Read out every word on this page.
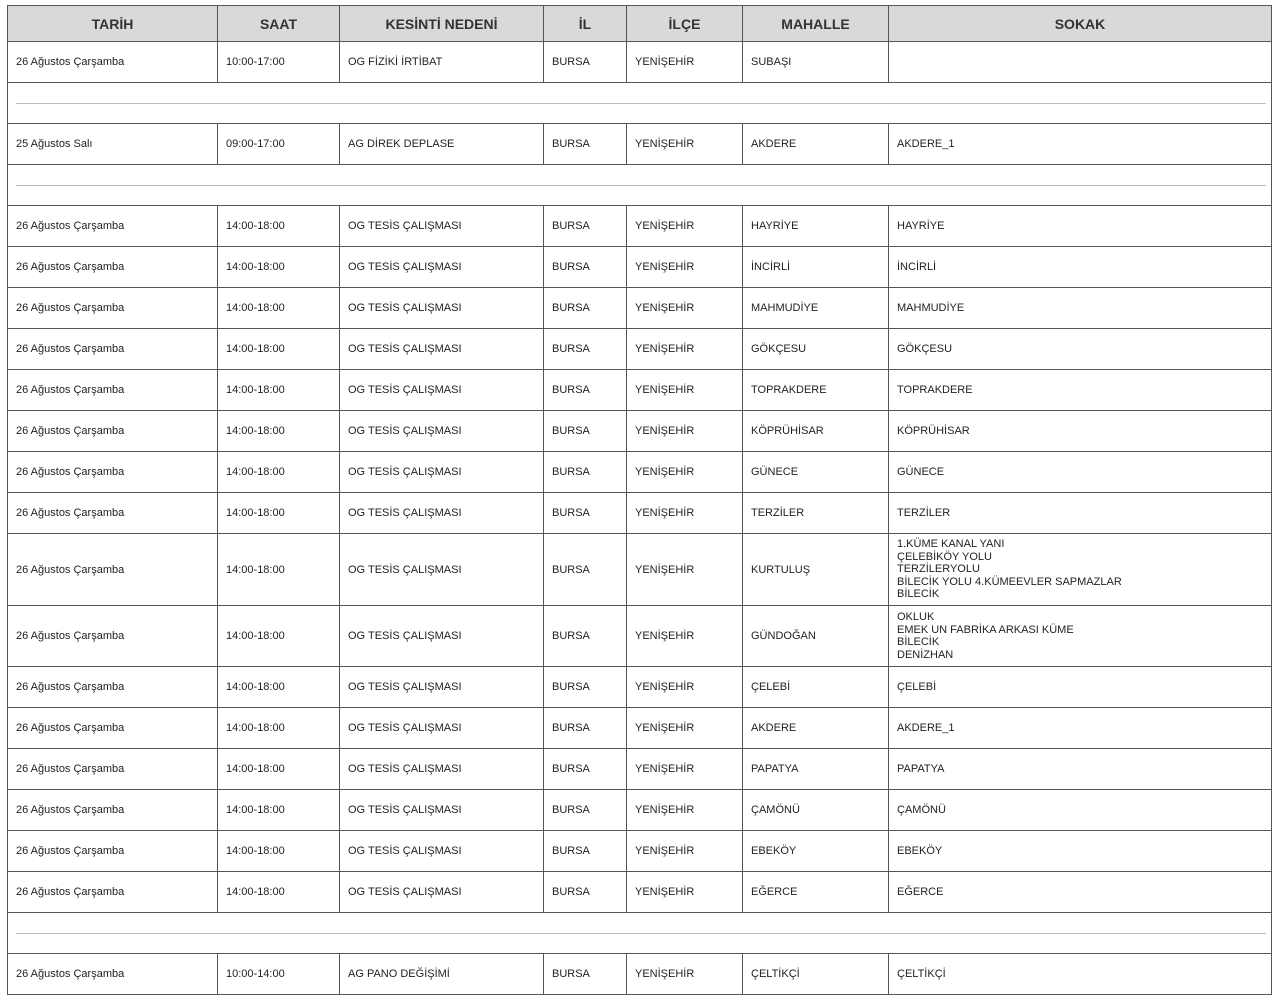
TARİH	SAAT	KESİNTİ NEDENİ	İL	İLÇE	MAHALLE	SOKAK
26 Ağustos Çarşamba	10:00-17:00	OG FİZİKİ İRTİBAT	BURSA	YENİŞEHİR	SUBAŞI	

25 Ağustos Salı	09:00-17:00	AG DİREK DEPLASE	BURSA	YENİŞEHİR	AKDERE	AKDERE_1

26 Ağustos Çarşamba	14:00-18:00	OG TESİS ÇALIŞMASI	BURSA	YENİŞEHİR	HAYRİYE	HAYRİYE

26 Ağustos Çarşamba	14:00-18:00	OG TESİS ÇALIŞMASI	BURSA	YENİŞEHİR	İNCİRLİ	İNCİRLİ

26 Ağustos Çarşamba	14:00-18:00	OG TESİS ÇALIŞMASI	BURSA	YENİŞEHİR	MAHMUDİYE	MAHMUDİYE

26 Ağustos Çarşamba	14:00-18:00	OG TESİS ÇALIŞMASI	BURSA	YENİŞEHİR	GÖKÇESU	GÖKÇESU

26 Ağustos Çarşamba	14:00-18:00	OG TESİS ÇALIŞMASI	BURSA	YENİŞEHİR	TOPRAKDERE	TOPRAKDERE

26 Ağustos Çarşamba	14:00-18:00	OG TESİS ÇALIŞMASI	BURSA	YENİŞEHİR	KÖPRÜHİSAR	KÖPRÜHİSAR

26 Ağustos Çarşamba	14:00-18:00	OG TESİS ÇALIŞMASI	BURSA	YENİŞEHİR	GÜNECE	GÜNECE

26 Ağustos Çarşamba	14:00-18:00	OG TESİS ÇALIŞMASI	BURSA	YENİŞEHİR	TERZİLER	TERZİLER

26 Ağustos Çarşamba	14:00-18:00	OG TESİS ÇALIŞMASI	BURSA	YENİŞEHİR	KURTULUŞ	1.KÜME KANAL YANI
ÇELEBİKÖY YOLU
TERZİLERYOLU
BİLECİK YOLU 4.KÜMEEVLER SAPMAZLAR
BİLECİK

26 Ağustos Çarşamba	14:00-18:00	OG TESİS ÇALIŞMASI	BURSA	YENİŞEHİR	GÜNDOĞAN	OKLUK
EMEK UN FABRİKA ARKASI KÜME
BİLECİK
DENİZHAN

26 Ağustos Çarşamba	14:00-18:00	OG TESİS ÇALIŞMASI	BURSA	YENİŞEHİR	ÇELEBİ	ÇELEBİ

26 Ağustos Çarşamba	14:00-18:00	OG TESİS ÇALIŞMASI	BURSA	YENİŞEHİR	AKDERE	AKDERE_1

26 Ağustos Çarşamba	14:00-18:00	OG TESİS ÇALIŞMASI	BURSA	YENİŞEHİR	PAPATYA	PAPATYA

26 Ağustos Çarşamba	14:00-18:00	OG TESİS ÇALIŞMASI	BURSA	YENİŞEHİR	ÇAMÖNÜ	ÇAMÖNÜ

26 Ağustos Çarşamba	14:00-18:00	OG TESİS ÇALIŞMASI	BURSA	YENİŞEHİR	EBEKÖY	EBEKÖY

26 Ağustos Çarşamba	14:00-18:00	OG TESİS ÇALIŞMASI	BURSA	YENİŞEHİR	EĞERCE	EĞERCE

26 Ağustos Çarşamba	10:00-14:00	AG PANO DEĞİŞİMİ	BURSA	YENİŞEHİR	ÇELTİKÇİ	ÇELTİKÇİ
